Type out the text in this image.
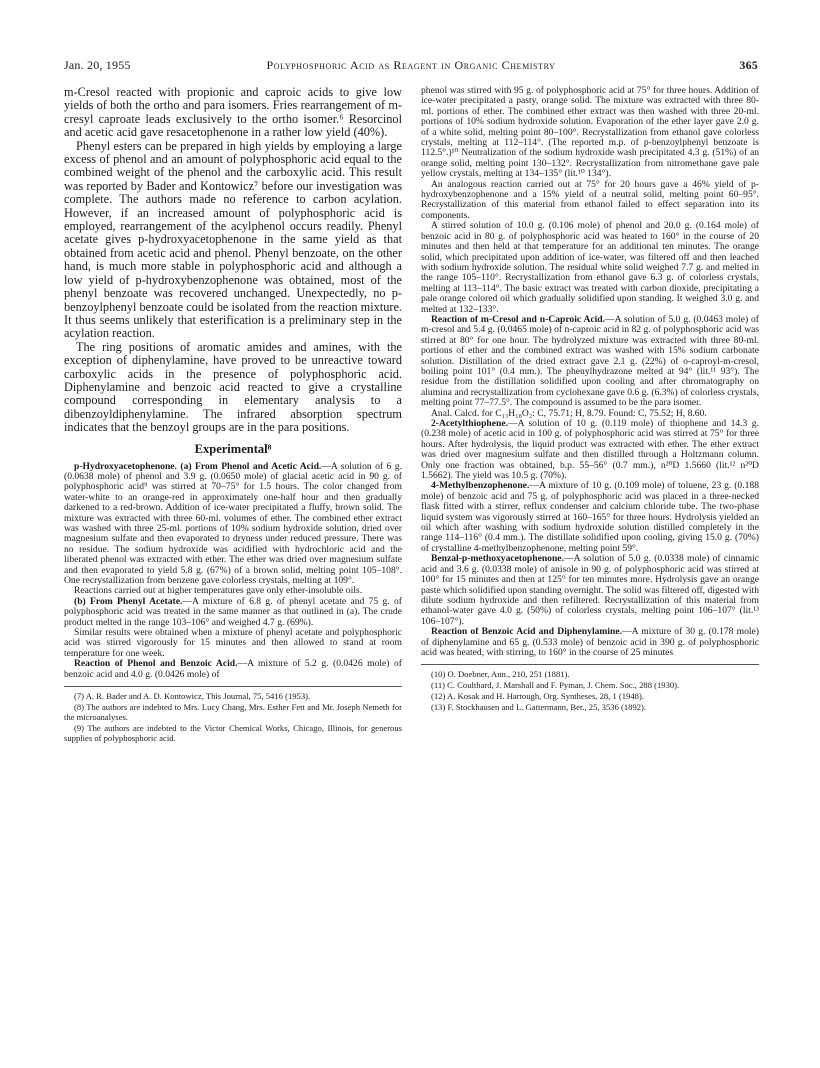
Jan. 20, 1955	Polyphosphoric Acid as Reagent in Organic Chemistry	365

m-Cresol reacted with propionic and caproic acids to give low yields of both the ortho and para isomers. Fries rearrangement of m-cresyl caproate leads exclusively to the ortho isomer.⁶ Resorcinol and acetic acid gave resacetophenone in a rather low yield (40%).

Phenyl esters can be prepared in high yields by employing a large excess of phenol and an amount of polyphosphoric acid equal to the combined weight of the phenol and the carboxylic acid. This result was reported by Bader and Kontowicz⁷ before our investigation was complete. The authors made no reference to carbon acylation. However, if an increased amount of polyphosphoric acid is employed, rearrangement of the acylphenol occurs readily. Phenyl acetate gives p-hydroxyacetophenone in the same yield as that obtained from acetic acid and phenol. Phenyl benzoate, on the other hand, is much more stable in polyphosphoric acid and although a low yield of p-hydroxybenzophenone was obtained, most of the phenyl benzoate was recovered unchanged. Unexpectedly, no p-benzoylphenyl benzoate could be isolated from the reaction mixture. It thus seems unlikely that esterification is a preliminary step in the acylation reaction.

The ring positions of aromatic amides and amines, with the exception of diphenylamine, have proved to be unreactive toward carboxylic acids in the presence of polyphosphoric acid. Diphenylamine and benzoic acid reacted to give a crystalline compound corresponding in elementary analysis to a dibenzoyldiphenylamine. The infrared absorption spectrum indicates that the benzoyl groups are in the para positions.

Experimental⁸

p-Hydroxyacetophenone. (a) From Phenol and Acetic Acid.—A solution of 6 g. (0.0638 mole) of phenol and 3.9 g. (0.0650 mole) of glacial acetic acid in 90 g. of polyphosphoric acid⁹ was stirred at 70–75° for 1.5 hours. The color changed from water-white to an orange-red in approximately one-half hour and then gradually darkened to a red-brown. Addition of ice-water precipitated a fluffy, brown solid. The mixture was extracted with three 60-ml. volumes of ether. The combined ether extract was washed with three 25-ml. portions of 10% sodium hydroxide solution, dried over magnesium sulfate and then evaporated to dryness under reduced pressure. There was no residue. The sodium hydroxide was acidified with hydrochloric acid and the liberated phenol was extracted with ether. The ether was dried over magnesium sulfate and then evaporated to yield 5.8 g. (67%) of a brown solid, melting point 105–108°. One recrystallization from benzene gave colorless crystals, melting at 109°.

Reactions carried out at higher temperatures gave only ether-insoluble oils.

(b) From Phenyl Acetate.—A mixture of 6.8 g. of phenyl acetate and 75 g. of polyphosphoric acid was treated in the same manner as that outlined in (a). The crude product melted in the range 103–106° and weighed 4.7 g. (69%).

Similar results were obtained when a mixture of phenyl acetate and polyphosphoric acid was stirred vigorously for 15 minutes and then allowed to stand at room temperature for one week.

Reaction of Phenol and Benzoic Acid.—A mixture of 5.2 g. (0.0426 mole) of benzoic acid and 4.0 g. (0.0426 mole) of

(7) A. R. Bader and A. D. Kontowicz, This Journal, 75, 5416 (1953).

(8) The authors are indebted to Mrs. Lucy Chang, Mrs. Esther Fett and Mr. Joseph Nemeth for the microanalyses.

(9) The authors are indebted to the Victor Chemical Works, Chicago, Illinois, for generous supplies of polyphosphoric acid.

phenol was stirred with 95 g. of polyphosphoric acid at 75° for three hours. Addition of ice-water precipitated a pasty, orange solid. The mixture was extracted with three 80-ml. portions of ether. The combined ether extract was then washed with three 20-ml. portions of 10% sodium hydroxide solution. Evaporation of the ether layer gave 2.0 g. of a white solid, melting point 80–100°. Recrystallization from ethanol gave colorless crystals, melting at 112–114°. (The reported m.p. of p-benzoylphenyl benzoate is 112.5°.)¹⁰ Neutralization of the sodium hydroxide wash precipitated 4.3 g. (51%) of an orange solid, melting point 130–132°. Recrystallization from nitromethane gave pale yellow crystals, melting at 134–135° (lit.¹⁰ 134°).

An analogous reaction carried out at 75° for 20 hours gave a 46% yield of p-hydroxybenzophenone and a 15% yield of a neutral solid, melting point 60–95°. Recrystallization of this material from ethanol failed to effect separation into its components.

A stirred solution of 10.0 g. (0.106 mole) of phenol and 20.0 g. (0.164 mole) of benzoic acid in 80 g. of polyphosphoric acid was heated to 160° in the course of 20 minutes and then held at that temperature for an additional ten minutes. The orange solid, which precipitated upon addition of ice-water, was filtered off and then leached with sodium hydroxide solution. The residual white solid weighed 7.7 g. and melted in the range 105–110°. Recrystallization from ethanol gave 6.3 g. of colorless crystals, melting at 113–114°. The basic extract was treated with carbon dioxide, precipitating a pale orange colored oil which gradually solidified upon standing. It weighed 3.0 g. and melted at 132–133°.

Reaction of m-Cresol and n-Caproic Acid.—A solution of 5.0 g. (0.0463 mole) of m-cresol and 5.4 g. (0.0465 mole) of n-caproic acid in 82 g. of polyphosphoric acid was stirred at 80° for one hour. The hydrolyzed mixture was extracted with three 80-ml. portions of ether and the combined extract was washed with 15% sodium carbonate solution. Distillation of the dried extract gave 2.1 g. (22%) of o-caproyl-m-cresol, boiling point 101° (0.4 mm.). The phenylhydrazone melted at 94° (lit.¹¹ 93°). The residue from the distillation solidified upon cooling and after chromatography on alumina and recrystallization from cyclohexane gave 0.6 g. (6.3%) of colorless crystals, melting point 77–77.5°. The compound is assumed to be the para isomer.

Anal. Calcd. for C₁₃H₁₈O₂: C, 75.71; H, 8.79. Found: C, 75.52; H, 8.60.

2-Acetylthiophene.—A solution of 10 g. (0.119 mole) of thiophene and 14.3 g. (0.238 mole) of acetic acid in 100 g. of polyphosphoric acid was stirred at 75° for three hours. After hydrolysis, the liquid product was extracted with ether. The ether extract was dried over magnesium sulfate and then distilled through a Holtzmann column. Only one fraction was obtained, b.p. 55–56° (0.7 mm.), n²⁰D 1.5660 (lit.¹² n²⁰D 1.5662). The yield was 10.5 g. (70%).

4-Methylbenzophenone.—A mixture of 10 g. (0.109 mole) of toluene, 23 g. (0.188 mole) of benzoic acid and 75 g. of polyphosphoric acid was placed in a three-necked flask fitted with a stirrer, reflux condenser and calcium chloride tube. The two-phase liquid system was vigorously stirred at 160–165° for three hours. Hydrolysis yielded an oil which after washing with sodium hydroxide solution distilled completely in the range 114–116° (0.4 mm.). The distillate solidified upon cooling, giving 15.0 g. (70%) of crystalline 4-methylbenzophenone, melting point 59°.

Benzal-p-methoxyacetophenone.—A solution of 5.0 g. (0.0338 mole) of cinnamic acid and 3.6 g. (0.0338 mole) of anisole in 90 g. of polyphosphoric acid was stirred at 100° for 15 minutes and then at 125° for ten minutes more. Hydrolysis gave an orange paste which solidified upon standing overnight. The solid was filtered off, digested with dilute sodium hydroxide and then refiltered. Recrystallization of this material from ethanol-water gave 4.0 g. (50%) of colorless crystals, melting point 106–107° (lit.¹³ 106–107°).

Reaction of Benzoic Acid and Diphenylamine.—A mixture of 30 g. (0.178 mole) of diphenylamine and 65 g. (0.533 mole) of benzoic acid in 390 g. of polyphosphoric acid was heated, with stirring, to 160° in the course of 25 minutes

(10) O. Doebner, Ann., 210, 251 (1881).

(11) C. Coulthard, J. Marshall and F. Pyman, J. Chem. Soc., 288 (1930).

(12) A. Kosak and H. Hartough, Org. Syntheses, 28, 1 (1948).

(13) F. Stockhausen and L. Gattermann, Ber., 25, 3536 (1892).
